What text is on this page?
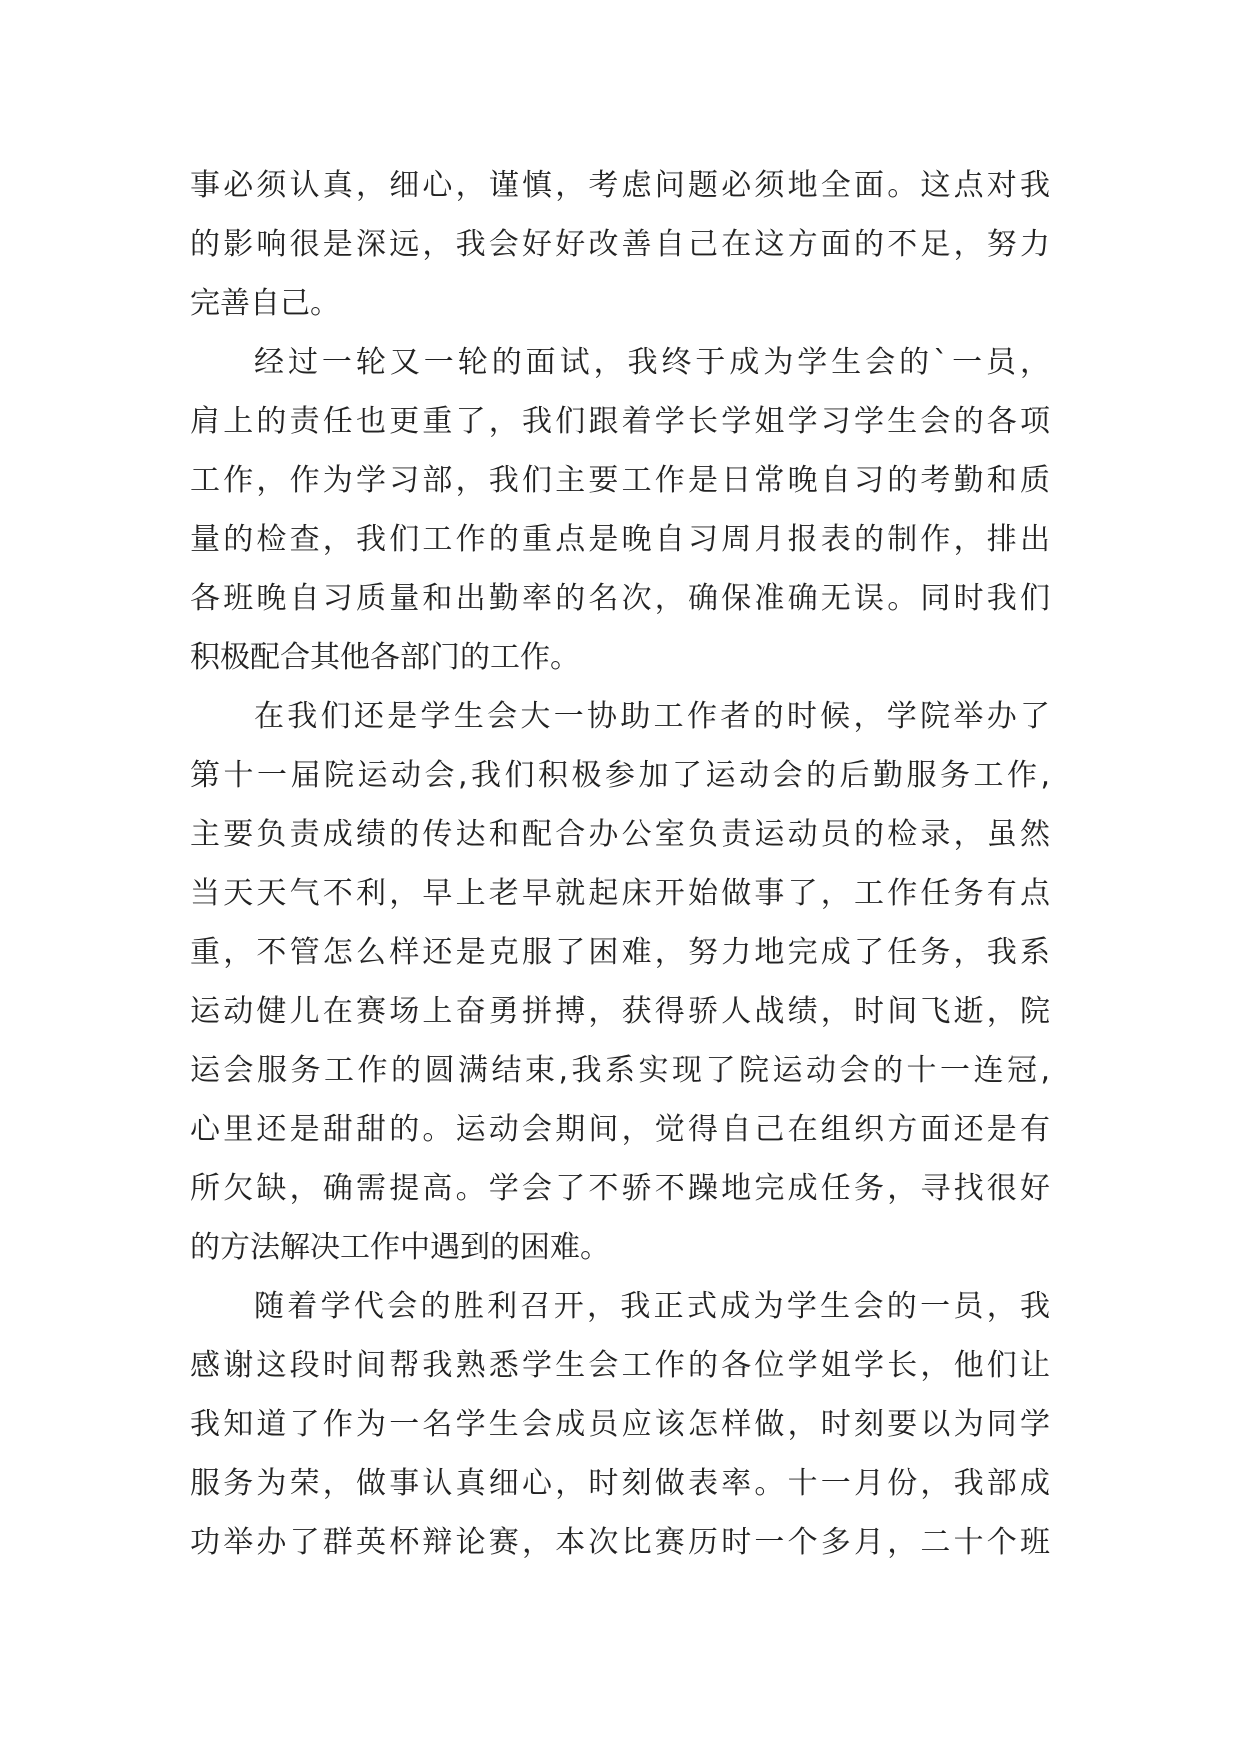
事必须认真，细心，谨慎，考虑问题必须地全面。这点对我
的影响很是深远，我会好好改善自己在这方面的不足，努力
完善自己。
经过一轮又一轮的面试，我终于成为学生会的`一员，
肩上的责任也更重了，我们跟着学长学姐学习学生会的各项
工作，作为学习部，我们主要工作是日常晚自习的考勤和质
量的检查，我们工作的重点是晚自习周月报表的制作，排出
各班晚自习质量和出勤率的名次，确保准确无误。同时我们
积极配合其他各部门的工作。
在我们还是学生会大一协助工作者的时候，学院举办了
第十一届院运动会,我们积极参加了运动会的后勤服务工作,
主要负责成绩的传达和配合办公室负责运动员的检录，虽然
当天天气不利，早上老早就起床开始做事了，工作任务有点
重，不管怎么样还是克服了困难，努力地完成了任务，我系
运动健儿在赛场上奋勇拼搏，获得骄人战绩，时间飞逝，院
运会服务工作的圆满结束,我系实现了院运动会的十一连冠,
心里还是甜甜的。运动会期间，觉得自己在组织方面还是有
所欠缺，确需提高。学会了不骄不躁地完成任务，寻找很好
的方法解决工作中遇到的困难。
随着学代会的胜利召开，我正式成为学生会的一员，我
感谢这段时间帮我熟悉学生会工作的各位学姐学长，他们让
我知道了作为一名学生会成员应该怎样做，时刻要以为同学
服务为荣，做事认真细心，时刻做表率。十一月份，我部成
功举办了群英杯辩论赛，本次比赛历时一个多月，二十个班
